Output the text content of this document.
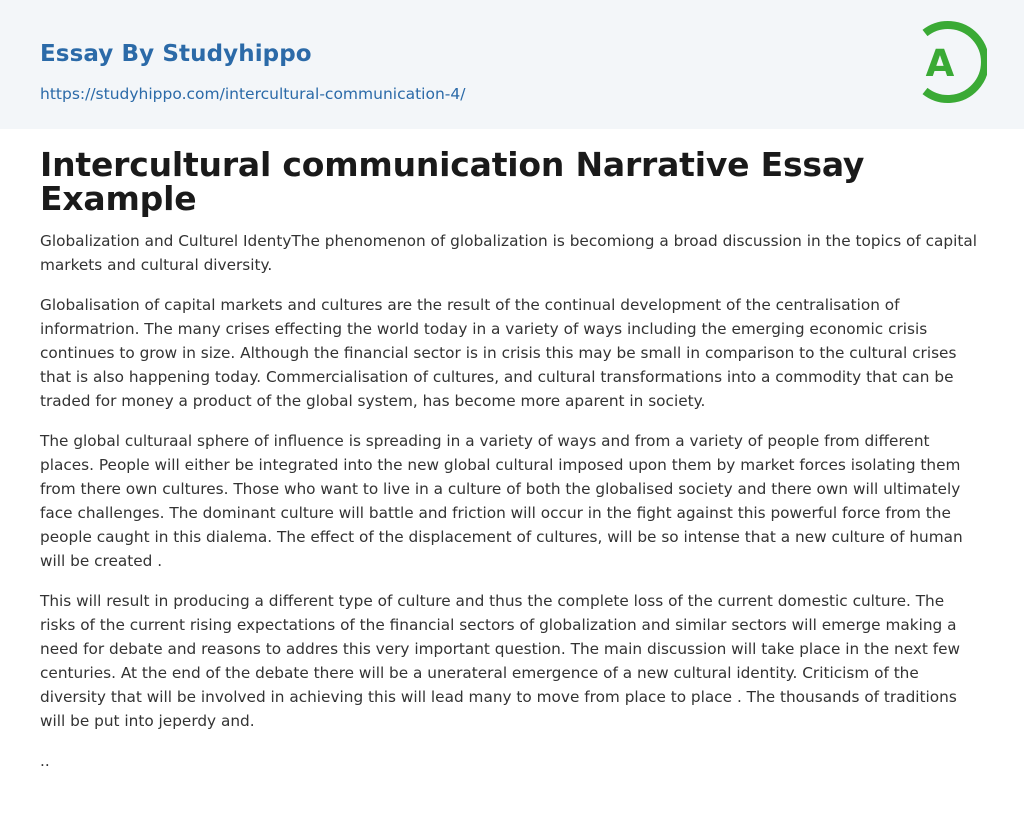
Essay By Studyhippo
https://studyhippo.com/intercultural-communication-4/
A
Intercultural communication Narrative Essay Example

Globalization and Culturel IdentyThe phenomenon of globalization is becomiong a broad discussion in the topics of capital markets and cultural diversity.

Globalisation of capital markets and cultures are the result of the continual development of the centralisation of informatrion. The many crises effecting the world today in a variety of ways including the emerging economic crisis continues to grow in size. Although the financial sector is in crisis this may be small in comparison to the cultural crises that is also happening today. Commercialisation of cultures, and cultural transformations into a commodity that can be traded for money a product of the global system, has become more aparent in society.

The global culturaal sphere of influence is spreading in a variety of ways and from a variety of people from different places. People will either be integrated into the new global cultural imposed upon them by market forces isolating them from there own cultures. Those who want to live in a culture of both the globalised society and there own will ultimately face challenges. The dominant culture will battle and friction will occur in the fight against this powerful force from the people caught in this dialema. The effect of the displacement of cultures, will be so intense that a new culture of human will be created .

This will result in producing a different type of culture and thus the complete loss of the current domestic culture. The risks of the current rising expectations of the financial sectors of globalization and similar sectors will emerge making a need for debate and reasons to addres this very important question. The main discussion will take place in the next few centuries. At the end of the debate there will be a unerateral emergence of a new cultural identity. Criticism of the diversity that will be involved in achieving this will lead many to move from place to place . The thousands of traditions will be put into jeperdy and.

..
